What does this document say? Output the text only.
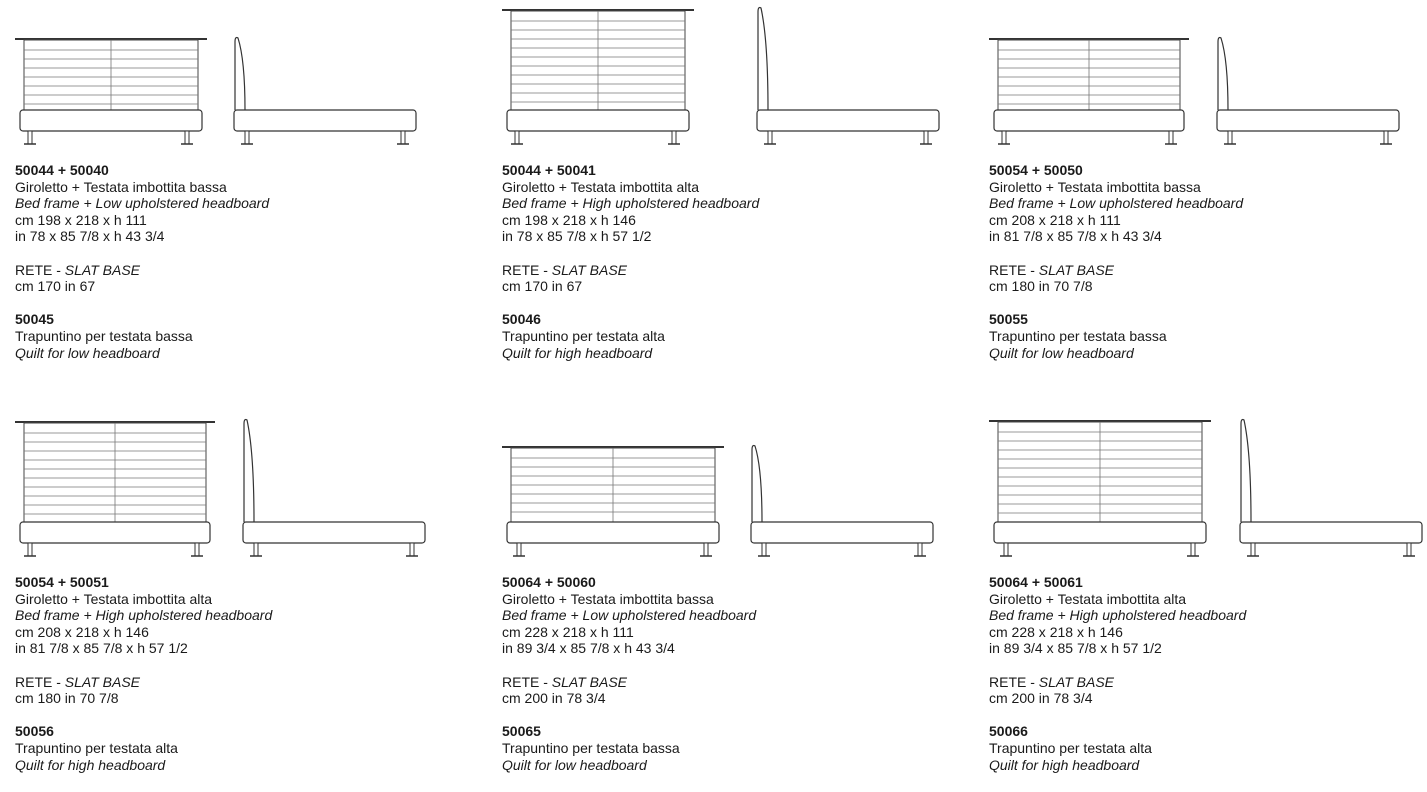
50044 + 50040
Giroletto + Testata imbottita bassa
Bed frame + Low upholstered headboard
cm 198 x 218 x h 111
in 78 x 85 7/8 x h 43 3/4
RETE - SLAT BASE
cm 170 in 67
50045
Trapuntino per testata bassa
Quilt for low headboard
50044 + 50041
Giroletto + Testata imbottita alta
Bed frame + High upholstered headboard
cm 198 x 218 x h 146
in 78 x 85 7/8 x h 57 1/2
RETE - SLAT BASE
cm 170 in 67
50046
Trapuntino per testata alta
Quilt for high headboard
50054 + 50050
Giroletto + Testata imbottita bassa
Bed frame + Low upholstered headboard
cm 208 x 218 x h 111
in 81 7/8 x 85 7/8 x h 43 3/4
RETE - SLAT BASE
cm 180 in 70 7/8
50055
Trapuntino per testata bassa
Quilt for low headboard
50054 + 50051
Giroletto + Testata imbottita alta
Bed frame + High upholstered headboard
cm 208 x 218 x h 146
in 81 7/8 x 85 7/8 x h 57 1/2
RETE - SLAT BASE
cm 180 in 70 7/8
50056
Trapuntino per testata alta
Quilt for high headboard
50064 + 50060
Giroletto + Testata imbottita bassa
Bed frame + Low upholstered headboard
cm 228 x 218 x h 111
in 89 3/4 x 85 7/8 x h 43 3/4
RETE - SLAT BASE
cm 200 in 78 3/4
50065
Trapuntino per testata bassa
Quilt for low headboard
50064 + 50061
Giroletto + Testata imbottita alta
Bed frame + High upholstered headboard
cm 228 x 218 x h 146
in 89 3/4 x 85 7/8 x h 57 1/2
RETE - SLAT BASE
cm 200 in 78 3/4
50066
Trapuntino per testata alta
Quilt for high headboard
